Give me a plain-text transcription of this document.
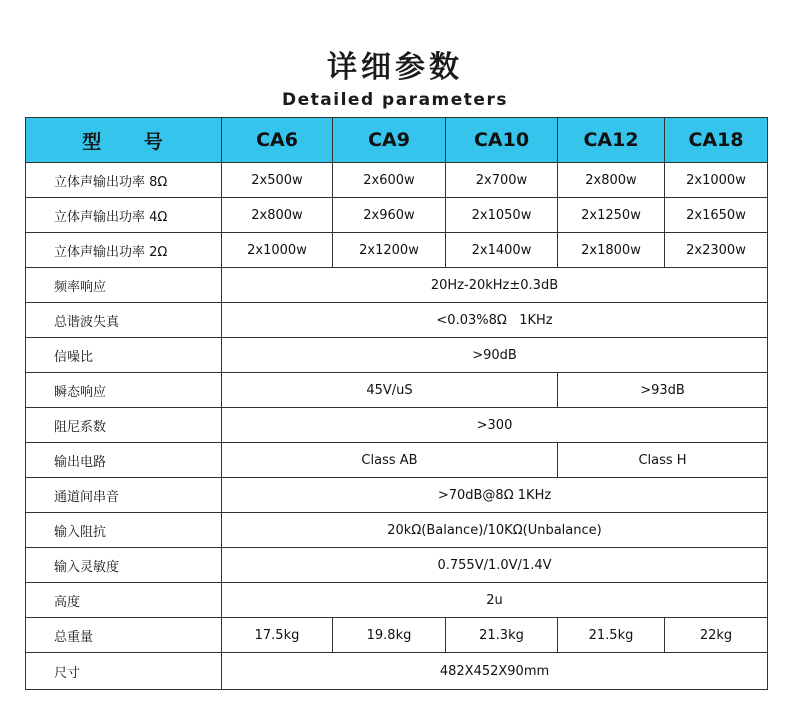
详细参数
Detailed parameters
型 号	CA6	CA9	CA10	CA12	CA18
立体声输出功率 8Ω	2x500w	2x600w	2x700w	2x800w	2x1000w
立体声输出功率 4Ω	2x800w	2x960w	2x1050w	2x1250w	2x1650w
立体声输出功率 2Ω	2x1000w	2x1200w	2x1400w	2x1800w	2x2300w
频率响应	20Hz-20kHz±0.3dB				
总谐波失真	<0.03%8Ω   1KHz				
信噪比	>90dB				
瞬态响应	45V/uS			>93dB	
阻尼系数	>300				
输出电路	Class AB			Class H	
通道间串音	>70dB@8Ω 1KHz				
输入阻抗	20kΩ(Balance)/10KΩ(Unbalance)				
输入灵敏度	0.755V/1.0V/1.4V				
高度	2u				
总重量	17.5kg	19.8kg	21.3kg	21.5kg	22kg
尺寸	482X452X90mm				
